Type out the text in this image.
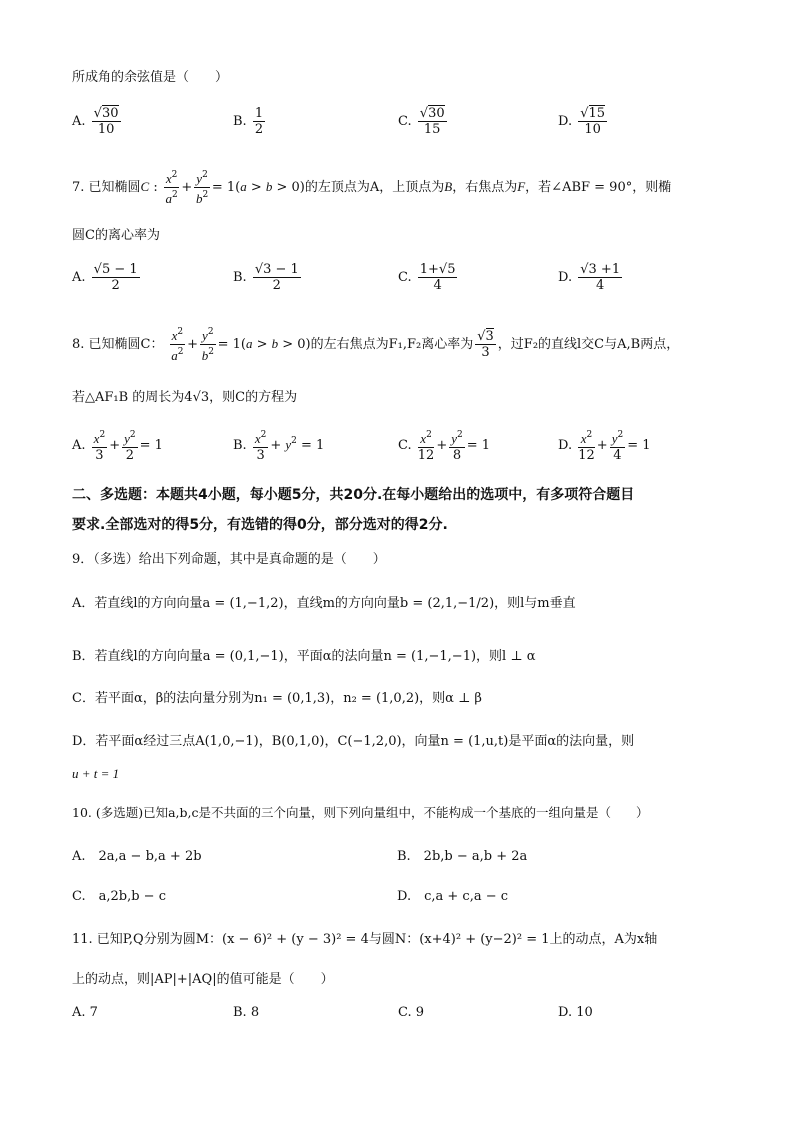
所成角的余弦值是（　　）
A. $\frac{√30}{10}$	B. $\frac{1}{2}$	C. $\frac{√30}{15}$	D. $\frac{√15}{10}$
7. 已知椭圆C : $\frac{x^2}{a^2} + \frac{y^2}{b^2} = 1(a > b > 0)$的左顶点为A，上顶点为B，右焦点为F，若∠ABF = 90°，则椭
圆C的离心率为
A. $\frac{√5 - 1}{2}$	B. $\frac{√3 - 1}{2}$	C. $\frac{1+√5}{4}$	D. $\frac{√3 +1}{4}$
8. 已知椭圆C： $\frac{x^2}{a^2} + \frac{y^2}{b^2} = 1(a > b > 0)$的左右焦点为F₁,F₂离心率为 $\frac{√3}{3}$ ，过F₂的直线l交C与A,B两点，
若△AF₁B 的周长为4√3，则C的方程为
A. $\frac{x^2}{3} + \frac{y^2}{2} = 1$	B. $\frac{x^2}{3} + y^2 = 1$	C. $\frac{x^2}{12} + \frac{y^2}{8} = 1$	D. $\frac{x^2}{12} + \frac{y^2}{4} = 1$
二、多选题：本题共4小题，每小题5分，共20分.在每小题给出的选项中，有多项符合题目
要求.全部选对的得5分，有选错的得0分，部分选对的得2分.
9．（多选）给出下列命题，其中是真命题的是（　　）
A．若直线l的方向向量a = (1,−1,2)，直线m的方向向量b = (2,1,−1/2)，则l与m垂直
B．若直线l的方向向量a = (0,1,−1)，平面α的法向量n = (1,−1,−1)，则l ⊥ α
C．若平面α，β的法向量分别为n₁ = (0,1,3)，n₂ = (1,0,2)，则α ⊥ β
D．若平面α经过三点A(1,0,−1)，B(0,1,0)，C(−1,2,0)，向量n = (1,u,t)是平面α的法向量，则
u + t = 1
10. (多选题)已知a,b,c是不共面的三个向量，则下列向量组中，不能构成一个基底的一组向量是（　　）
A.　2a,a − b,a + 2b	B.　2b,b − a,b + 2a
C.　a,2b,b − c	D.　c,a + c,a − c
11. 已知P,Q分别为圆M：(x − 6)² + (y − 3)² = 4与圆N：(x+4)² + (y−2)² = 1上的动点，A为x轴
上的动点，则|AP|+|AQ|的值可能是（　　）
A. 7	B. 8	C. 9	D. 10
